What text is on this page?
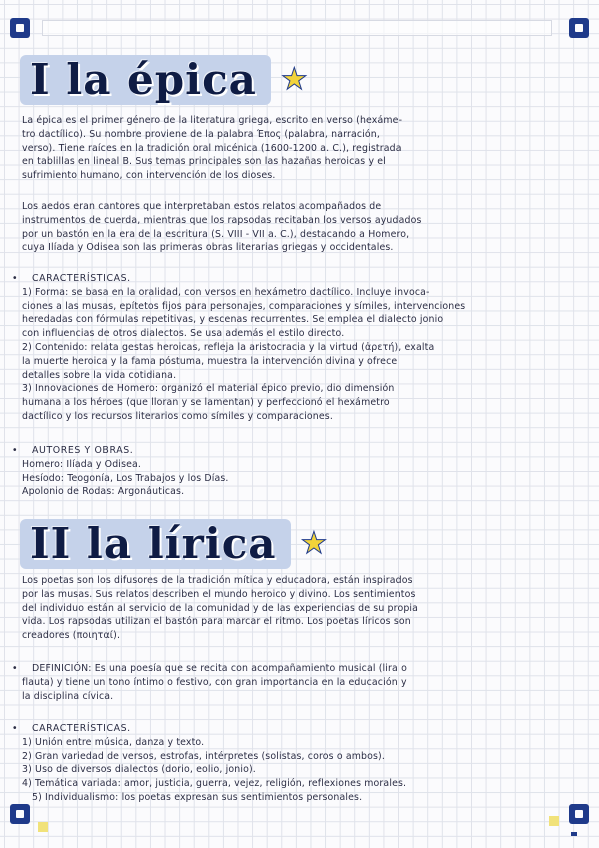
I la épica ★

La épica es el primer género de la literatura griega, escrito en verso (hexáme-

tro dactílico). Su nombre proviene de la palabra Έπος (palabra, narración,

verso). Tiene raíces en la tradición oral micénica (1600-1200 a. C.), registrada

en tablillas en lineal B. Sus temas principales son las hazañas heroicas y el

sufrimiento humano, con intervención de los dioses.

Los aedos eran cantores que interpretaban estos relatos acompañados de

instrumentos de cuerda, mientras que los rapsodas recitaban los versos ayudados

por un bastón en la era de la escritura (S. VIII - VII a. C.), destacando a Homero,

cuya Ilíada y Odisea son las primeras obras literarias griegas y occidentales.

• CARACTERÍSTICAS.

1) Forma: se basa en la oralidad, con versos en hexámetro dactílico. Incluye invoca-

ciones a las musas, epítetos fijos para personajes, comparaciones y símiles, intervenciones

heredadas con fórmulas repetitivas, y escenas recurrentes. Se emplea el dialecto jonio

con influencias de otros dialectos. Se usa además el estilo directo.

2) Contenido: relata gestas heroicas, refleja la aristocracia y la virtud (ἀρετή), exalta

la muerte heroica y la fama póstuma, muestra la intervención divina y ofrece

detalles sobre la vida cotidiana.

3) Innovaciones de Homero: organizó el material épico previo, dio dimensión

humana a los héroes (que lloran y se lamentan) y perfeccionó el hexámetro

dactílico y los recursos literarios como símiles y comparaciones.

• AUTORES Y OBRAS.

Homero: Ilíada y Odisea.

Hesíodo: Teogonía, Los Trabajos y los Días.

Apolonio de Rodas: Argonáuticas.

II la lírica ★

Los poetas son los difusores de la tradición mítica y educadora, están inspirados

por las musas. Sus relatos describen el mundo heroico y divino. Los sentimientos

del individuo están al servicio de la comunidad y de las experiencias de su propia

vida. Los rapsodas utilizan el bastón para marcar el ritmo. Los poetas líricos son

creadores (ποιηταί).

• DEFINICIÓN: Es una poesía que se recita con acompañamiento musical (lira o

flauta) y tiene un tono íntimo o festivo, con gran importancia en la educación y

la disciplina cívica.

• CARACTERÍSTICAS.

1) Unión entre música, danza y texto.

2) Gran variedad de versos, estrofas, intérpretes (solistas, coros o ambos).

3) Uso de diversos dialectos (dorio, eolio, jonio).

4) Temática variada: amor, justicia, guerra, vejez, religión, reflexiones morales.

5) Individualismo: los poetas expresan sus sentimientos personales.
